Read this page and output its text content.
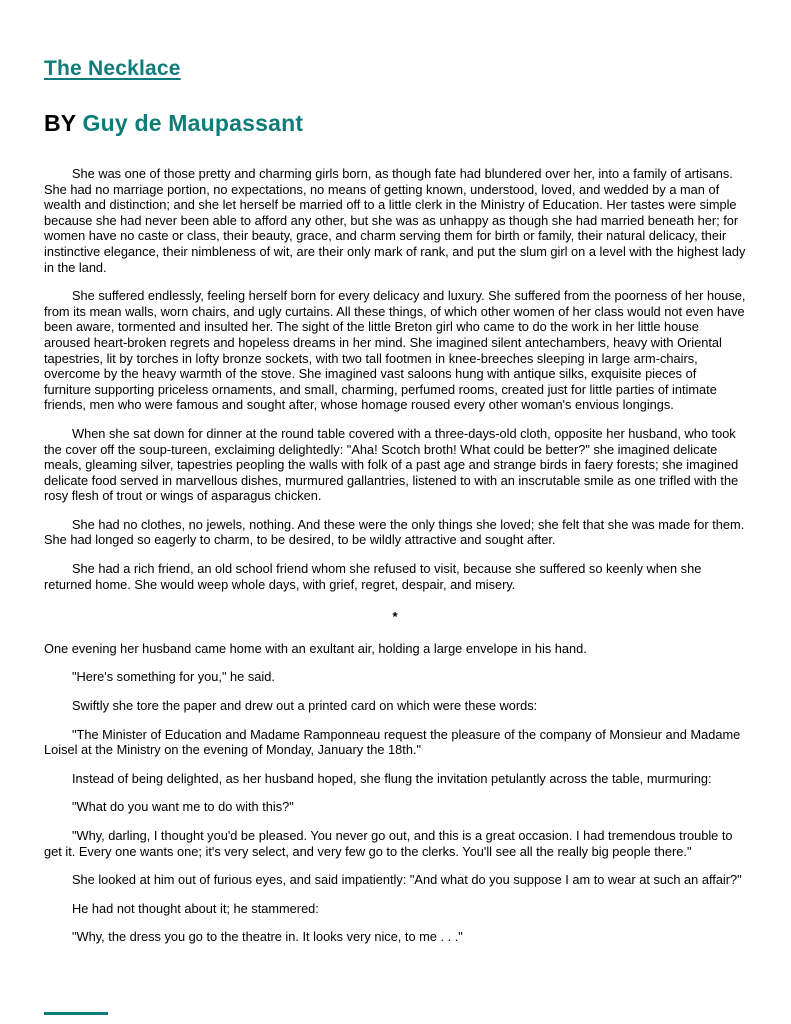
The Necklace
BY Guy de Maupassant

She was one of those pretty and charming girls born, as though fate had blundered over her, into a family of artisans. She had no marriage portion, no expectations, no means of getting known, understood, loved, and wedded by a man of wealth and distinction; and she let herself be married off to a little clerk in the Ministry of Education. Her tastes were simple because she had never been able to afford any other, but she was as unhappy as though she had married beneath her; for women have no caste or class, their beauty, grace, and charm serving them for birth or family, their natural delicacy, their instinctive elegance, their nimbleness of wit, are their only mark of rank, and put the slum girl on a level with the highest lady in the land.

She suffered endlessly, feeling herself born for every delicacy and luxury. She suffered from the poorness of her house, from its mean walls, worn chairs, and ugly curtains. All these things, of which other women of her class would not even have been aware, tormented and insulted her. The sight of the little Breton girl who came to do the work in her little house aroused heart-broken regrets and hopeless dreams in her mind. She imagined silent antechambers, heavy with Oriental tapestries, lit by torches in lofty bronze sockets, with two tall footmen in knee-breeches sleeping in large arm-chairs, overcome by the heavy warmth of the stove. She imagined vast saloons hung with antique silks, exquisite pieces of furniture supporting priceless ornaments, and small, charming, perfumed rooms, created just for little parties of intimate friends, men who were famous and sought after, whose homage roused every other woman's envious longings.

When she sat down for dinner at the round table covered with a three-days-old cloth, opposite her husband, who took the cover off the soup-tureen, exclaiming delightedly: "Aha! Scotch broth! What could be better?" she imagined delicate meals, gleaming silver, tapestries peopling the walls with folk of a past age and strange birds in faery forests; she imagined delicate food served in marvellous dishes, murmured gallantries, listened to with an inscrutable smile as one trifled with the rosy flesh of trout or wings of asparagus chicken.

She had no clothes, no jewels, nothing. And these were the only things she loved; she felt that she was made for them. She had longed so eagerly to charm, to be desired, to be wildly attractive and sought after.

She had a rich friend, an old school friend whom she refused to visit, because she suffered so keenly when she returned home. She would weep whole days, with grief, regret, despair, and misery.

*

One evening her husband came home with an exultant air, holding a large envelope in his hand.

"Here's something for you," he said.

Swiftly she tore the paper and drew out a printed card on which were these words:

"The Minister of Education and Madame Ramponneau request the pleasure of the company of Monsieur and Madame Loisel at the Ministry on the evening of Monday, January the 18th."

Instead of being delighted, as her husband hoped, she flung the invitation petulantly across the table, murmuring:

"What do you want me to do with this?"

"Why, darling, I thought you'd be pleased. You never go out, and this is a great occasion. I had tremendous trouble to get it. Every one wants one; it's very select, and very few go to the clerks. You'll see all the really big people there."

She looked at him out of furious eyes, and said impatiently: "And what do you suppose I am to wear at such an affair?"

He had not thought about it; he stammered:

"Why, the dress you go to the theatre in. It looks very nice, to me . . ."
